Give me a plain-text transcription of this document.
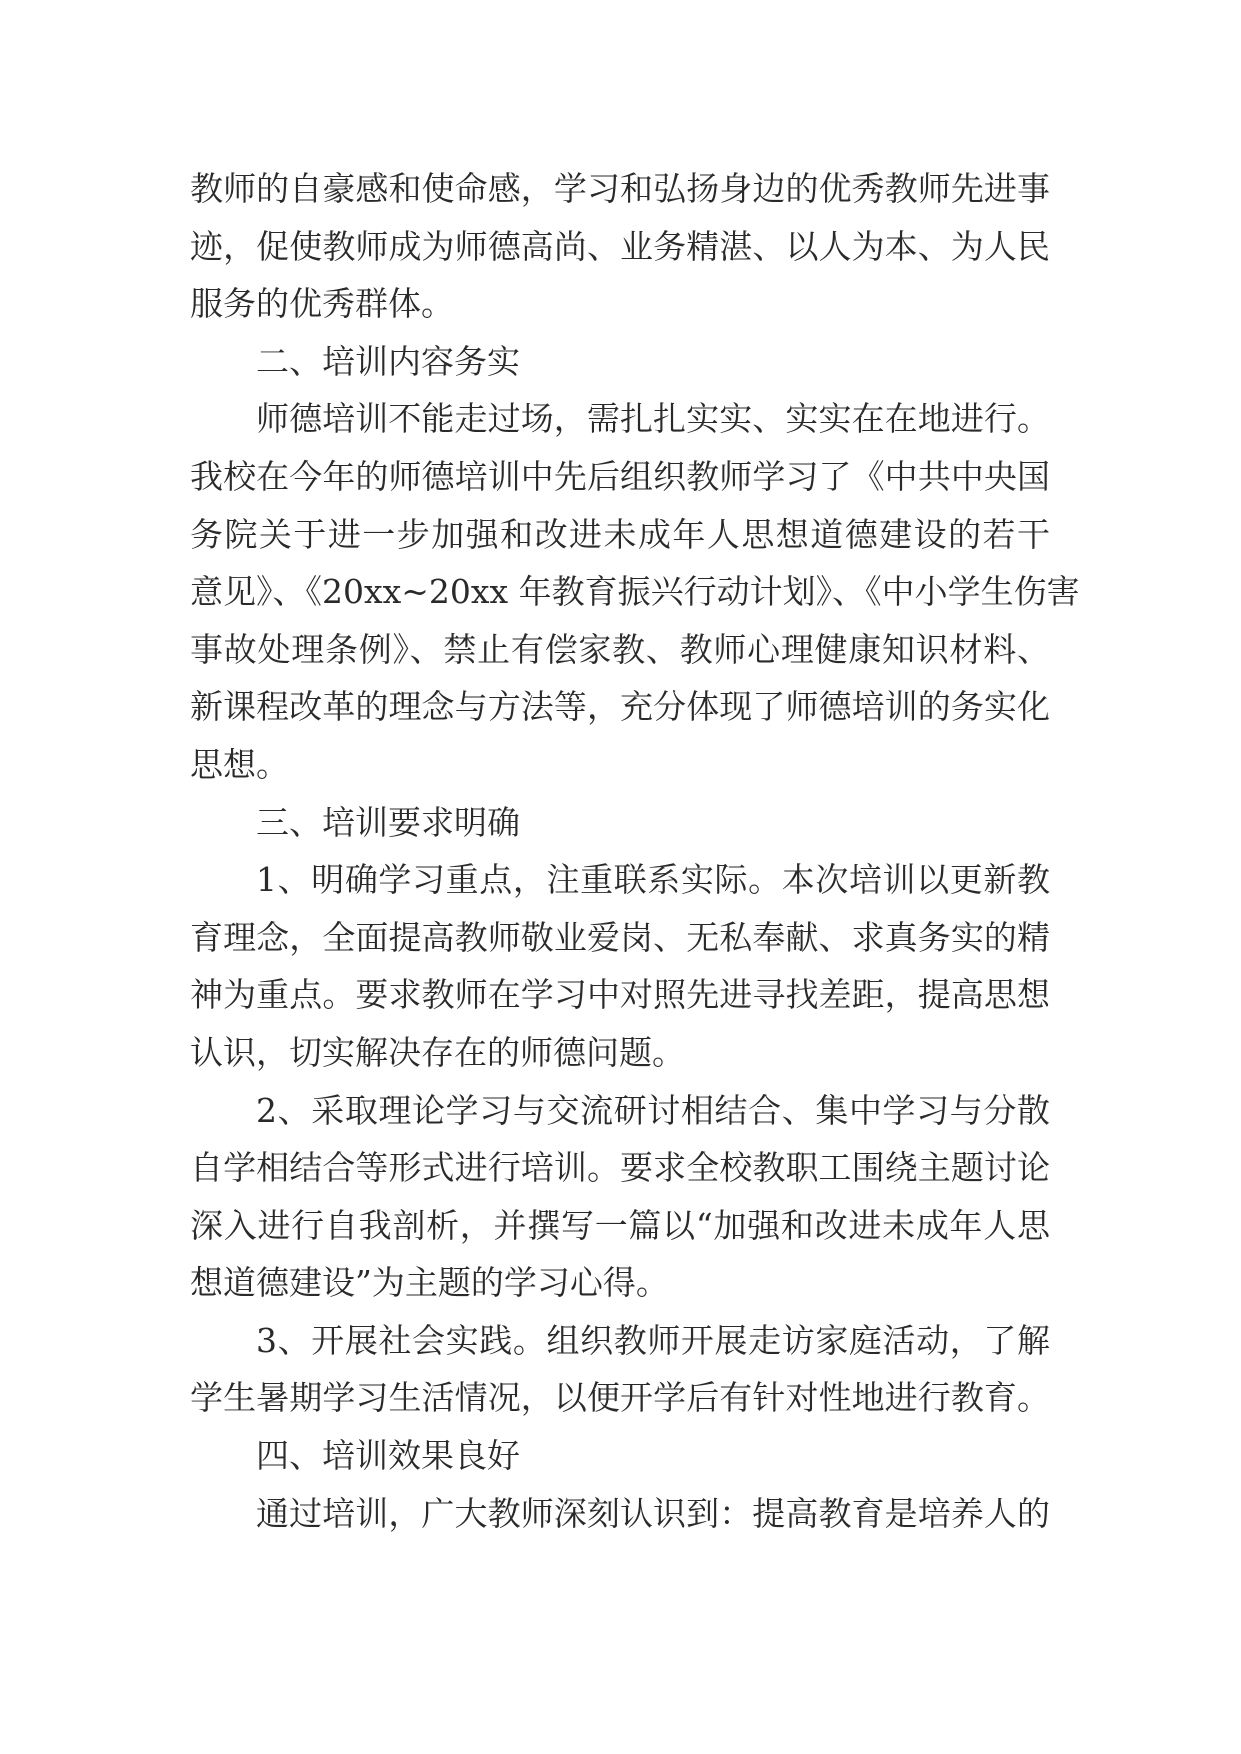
教师的自豪感和使命感，学习和弘扬身边的优秀教师先进事
迹，促使教师成为师德高尚、业务精湛、以人为本、为人民
服务的优秀群体。
二、培训内容务实
师德培训不能走过场，需扎扎实实、实实在在地进行。
我校在今年的师德培训中先后组织教师学习了《中共中央国
务院关于进一步加强和改进未成年人思想道德建设的若干
意见》、《20xx~20xx 年教育振兴行动计划》、《中小学生伤害
事故处理条例》、禁止有偿家教、教师心理健康知识材料、
新课程改革的理念与方法等，充分体现了师德培训的务实化
思想。
三、培训要求明确
1、明确学习重点，注重联系实际。本次培训以更新教
育理念，全面提高教师敬业爱岗、无私奉献、求真务实的精
神为重点。要求教师在学习中对照先进寻找差距，提高思想
认识，切实解决存在的师德问题。
2、采取理论学习与交流研讨相结合、集中学习与分散
自学相结合等形式进行培训。要求全校教职工围绕主题讨论
深入进行自我剖析，并撰写一篇以“加强和改进未成年人思
想道德建设”为主题的学习心得。
3、开展社会实践。组织教师开展走访家庭活动，了解
学生暑期学习生活情况，以便开学后有针对性地进行教育。
四、培训效果良好
通过培训，广大教师深刻认识到：提高教育是培养人的
